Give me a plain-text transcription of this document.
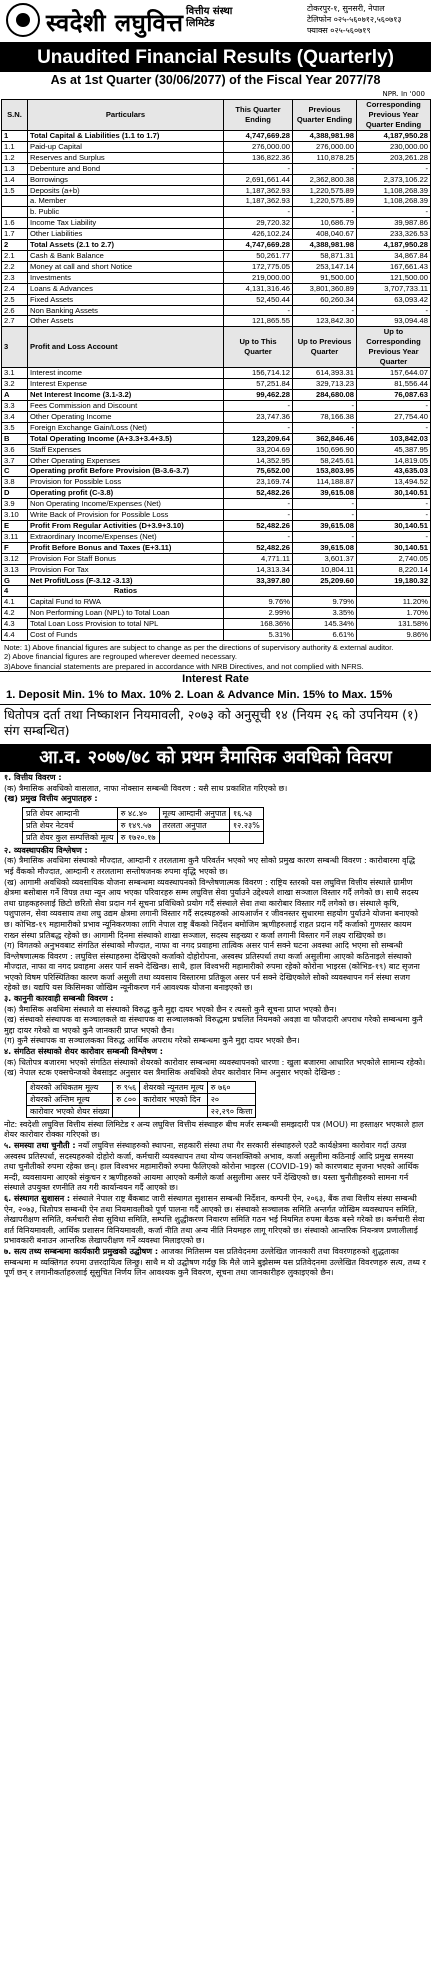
स्वदेशी लघुवित्त वित्तीय संस्था लिमिटेड
टोकरपुर-१, सुनसरी, नेपाल
टेलिफोन ०२५-५६०७१२,५६०७१३
फ्याक्स ०२५-५६०७१९
Unaudited Financial Results (Quarterly)
As at 1st Quarter (30/06/2077) of the Fiscal Year 2077/78
NPR. In '000
S.N.	Particulars	This Quarter Ending	Previous Quarter Ending	Corresponding Previous Year Quarter Ending
1	Total Capital & Liabilities (1.1 to 1.7)	4,747,669.28	4,388,981.98	4,187,950.28
1.1	Paid-up Capital	276,000.00	276,000.00	230,000.00
1.2	Reserves and Surplus	136,822.36	110,878.25	203,261.28
1.3	Debenture and Bond	-	-	-
1.4	Borrowings	2,691,661.44	2,362,800.38	2,373,106.22
1.5	Deposits (a+b)	1,187,362.93	1,220,575.89	1,108,268.39
	a. Member	1,187,362.93	1,220,575.89	1,108,268.39
	b. Public	-	-	-
1.6	Income Tax Liability	29,720.32	10,686.79	39,987.86
1.7	Other Liabilities	426,102.24	408,040.67	233,326.53
2	Total Assets (2.1 to 2.7)	4,747,669.28	4,388,981.98	4,187,950.28
2.1	Cash & Bank Balance	50,261.77	58,871.31	34,867.84
2.2	Money at call and short Notice	172,775.05	253,147.14	167,661.43
2.3	Investments	219,000.00	91,500.00	121,500.00
2.4	Loans & Advances	4,131,316.46	3,801,360.89	3,707,733.11
2.5	Fixed Assets	52,450.44	60,260.34	63,093.42
2.6	Non Banking Assets	-	-	-
2.7	Other Assets	121,865.55	123,842.30	93,094.48
3	Profit and Loss Account	Up to This Quarter	Up to Previous Quarter	Up to Corresponding Previous Year Quarter
3.1	Interest income	156,714.12	614,393.31	157,644.07
3.2	Interest Expense	57,251.84	329,713.23	81,556.44
A	Net Interest Income (3.1-3.2)	99,462.28	284,680.08	76,087.63
3.3	Fees Commission and Discount	-	-	-
3.4	Other Operating Income	23,747.36	78,166.38	27,754.40
3.5	Foreign Exchange Gain/Loss (Net)	-	-	-
B	Total Operating Income (A+3.3+3.4+3.5)	123,209.64	362,846.46	103,842.03
3.6	Staff Expenses	33,204.69	150,696.90	45,387.95
3.7	Other Operating Expenses	14,352.95	58,245.61	14,819.05
C	Operating profit Before Provision (B-3.6-3.7)	75,652.00	153,803.95	43,635.03
3.8	Provision for Possible Loss	23,169.74	114,188.87	13,494.52
D	Operating profit (C-3.8)	52,482.26	39,615.08	30,140.51
3.9	Non Operating Income/Expenses (Net)	-	-	-
3.10	Write Back of Provision for Possible Loss	-	-	-
E	Profit From Regular Activities (D+3.9+3.10)	52,482.26	39,615.08	30,140.51
3.11	Extraordinary Income/Expenses (Net)	-	-	-
F	Profit Before Bonus and Taxes (E+3.11)	52,482.26	39,615.08	30,140.51
3.12	Provision For Staff Bonus	4,771.11	3,601.37	2,740.05
3.13	Provision For Tax	14,313.34	10,804.11	8,220.14
G	Net Profit/Loss (F-3.12 -3.13)	33,397.80	25,209.60	19,180.32
4	Ratios			
4.1	Capital Fund to RWA	9.76%	9.79%	11.20%
4.2	Non Performing Loan (NPL) to Total Loan	2.99%	3.35%	1.70%
4.3	Total Loan Loss Provision to total NPL	168.36%	145.34%	131.58%
4.4	Cost of Funds	5.31%	6.61%	9.86%
Note: 1) Above financial figures are subject to change as per the directions of supervisory authority & external auditor.
2) Above financial figures are regrouped wherever deemed necessary.
3)Above financial statements are prepared in accordance with NRB Directives, and not complied with NFRS.
Interest Rate
1. Deposit Min. 1% to Max. 10% 2. Loan & Advance Min. 15% to Max. 15%
धितोपत्र दर्ता तथा निष्काशन नियमावली, २०७३ को अनुसूची १४ (नियम २६ को उपनियम (१) संग सम्बन्धित)
आ.व. २०७७/७८ को प्रथम त्रैमासिक अवधिको विवरण

१. वित्तीय विवरण :

(क) त्रैमासिक अवधिको वासलात, नाफा नोक्सान सम्बन्धी विवरण : यसै साथ प्रकाशित गरिएको छ।

(ख) प्रमुख वित्तीय अनुपातहरु :

प्रति शेयर आम्दानी	रु ४८.४०	मूल्य आम्दानी अनुपात	१६.५३
प्रति शेयर नेटवर्थ	रु १४९.५७	तरलता अनुपात	१२.२३%
प्रति शेयर कुल सम्पत्तिको मूल्य	रु १७२०.१७		

२. व्यवस्थापकीय विश्लेषण :

(क) त्रैमासिक अवधिमा संस्थाको मौज्दात, आम्दानी र तरलतामा कुनै परिवर्तन भएको भए सोको प्रमुख कारण सम्बन्धी विवरण : कारोबारमा वृद्धि भई वैंकको मौज्दात, आम्दानी र तरलतामा सन्तोषजनक रुपमा वृद्धि भएको छ।

(ख) आगामी अवधिको व्यवसायिक योजना सम्बन्धमा व्यवस्थापनको विश्लेषणात्मक विवरण : राष्ट्रिय स्तरको यस लघुवित्त वित्तीय संस्थाले ग्रामीण क्षेत्रमा बसोबास गर्ने विपन्न तथा न्यून आय भएका परिवारहरु सम्म लघुवित्त सेवा पुर्याउने उद्देश्यले शाखा सञ्जाल विस्तार गर्दै लगेको छ। साथै सदस्य तथा ग्राहकहरुलाई छिटो छरितो सेवा प्रदान गर्न सूचना प्रविधिको प्रयोग गर्दै संस्थाले सेवा तथा कारोबार विस्तार गर्दै लगेको छ। संस्थाले कृषि, पशुपालन, सेवा व्यवसाय तथा लघु उद्यम क्षेत्रमा लगानी विस्तार गर्दै सदस्यहरुको आयआर्जन र जीवनस्तर सुधारमा सहयोग पुर्याउने योजना बनाएको छ। कोभिड-१९ महामारीको प्रभाव न्यूनिकरणका लागि नेपाल राष्ट्र बैंकको निर्देशन बमोजिम ऋणीहरुलाई राहत प्रदान गर्दै कर्जाको गुणस्तर कायम राख्न संस्था प्रतिबद्ध रहेको छ। आगामी दिनमा संस्थाको शाखा सञ्जाल, सदस्य सङ्ख्या र कर्जा लगानी विस्तार गर्ने लक्ष्य राखिएको छ।

(ग) विगतको अनुभवबाट संगठित संस्थाको मौज्दात, नाफा वा नगद प्रवाहमा तात्विक असर पार्न सक्ने घटना अवस्था आदि भएमा सो सम्बन्धी विश्लेषणात्मक विवरण : लघुवित्त संस्थाहरुमा देखिएको कर्जाको दोहोरोपना, अस्वस्थ प्रतिस्पर्धा तथा कर्जा असुलीमा आएको कठिनाइले संस्थाको मौज्दात, नाफा वा नगद प्रवाहमा असर पार्न सक्ने देखिन्छ। साथै, हाल विश्वभरी महामारीको रुपमा रहेको कोरोना भाइरस (कोभिड-१९) बाट सृजना भएको विषम परिस्थितिका कारण कर्जा असुली तथा व्यवसाय विस्तारमा प्रतिकूल असर पर्न सक्ने देखिएकोले सोको व्यवस्थापन गर्न संस्था सजग रहेको छ। यद्यपि यस किसिमका जोखिम न्यूनीकरण गर्न आवश्यक योजना बनाइएको छ।

३. कानुनी कारवाही सम्बन्धी विवरण :

(क) त्रैमासिक अवधिमा संस्थाले वा संस्थाको विरुद्ध कुनै मुद्दा दायर भएको छैन र त्यस्तो कुनै सूचना प्राप्त भएको छैन।

(ख) संस्थाको संस्थापक वा सञ्चालकले वा संस्थापक वा सञ्चालकको विरुद्धमा प्रचलित नियमको अवज्ञा वा फौजदारी अपराध गरेको सम्बन्धमा कुनै मुद्दा दायर गरेको वा भएको कुनै जानकारी प्राप्त भएको छैन।

(ग) कुनै संस्थापक वा सञ्चालकका विरुद्ध आर्थिक अपराध गरेको सम्बन्धमा कुनै मुद्दा दायर भएको छैन।

४. संगठित संस्थाको शेयर कारोवार सम्बन्धी विश्लेषण :

(क) धितोपत्र बजारमा भएको संगठित संस्थाको शेयरको कारोवार सम्बन्धमा व्यवस्थापनको धारणा : खुला बजारमा आधारित भएकोले सामान्य रहेको।

(ख) नेपाल स्टक एक्सचेन्जको वेबसाइट अनुसार यस त्रैमासिक अवधिको शेयर कारोवार निम्न अनुसार भएको देखिन्छ :

शेयरको अधिकतम मूल्य	रु ९५६	शेयरको न्यूनतम मूल्य	रु ७६०
शेयरको अन्तिम मूल्य	रु ८००	कारोवार भएको दिन	२०
कारोवार भएको शेयर संख्या			२२,२९० कित्ता

नोट: स्वदेशी लघुवित्त वित्तीय संस्था लिमिटेड र अन्य लघुवित्त वित्तीय संस्थाहरु बीच मर्जर सम्बन्धी समझदारी पत्र (MOU) मा हस्ताक्षर भएकाले हाल शेयर कारोवार रोक्का गरिएको छ।

५. समस्या तथा चुनौती : नयाँ लघुवित्त संस्थाहरुको स्थापना, सहकारी संस्था तथा गैर सरकारी संस्थाहरुले एउटै कार्यक्षेत्रमा कारोवार गर्दा उत्पन्न अस्वस्थ प्रतिस्पर्धा, सदस्यहरुको दोहोरो कर्जा, कर्मचारी व्यवस्थापन तथा योग्य जनशक्तिको अभाव, कर्जा असुलीमा कठिनाई आदि प्रमुख समस्या तथा चुनौतीको रुपमा रहेका छन्। हाल विश्वभर महामारीको रुपमा फैलिएको कोरोना भाइरस (COVID-19) को कारणबाट सृजना भएको आर्थिक मन्दी, व्यवसायमा आएको संकुचन र ऋणीहरुको आयमा आएको कमीले कर्जा असुलीमा असर पर्ने देखिएको छ। यस्ता चुनौतीहरुको सामना गर्न संस्थाले उपयुक्त रणनीति तय गरी कार्यान्वयन गर्दै आएको छ।

६. संस्थागत सुशासन : संस्थाले नेपाल राष्ट्र बैंकबाट जारी संस्थागत सुशासन सम्बन्धी निर्देशन, कम्पनी ऐन, २०६३, बैंक तथा वित्तीय संस्था सम्बन्धी ऐन, २०७३, धितोपत्र सम्बन्धी ऐन तथा नियमावलीको पूर्ण पालना गर्दै आएको छ। संस्थाको सञ्चालक समिति अन्तर्गत जोखिम व्यवस्थापन समिति, लेखापरीक्षण समिति, कर्मचारी सेवा सुविधा समिति, सम्पत्ति शुद्धीकरण निवारण समिति गठन भई नियमित रुपमा बैठक बस्ने गरेको छ। कर्मचारी सेवा शर्त विनियमावली, आर्थिक प्रशासन विनियमावली, कर्जा नीति तथा अन्य नीति नियमहरु लागू गरिएको छ। संस्थाको आन्तरिक नियन्त्रण प्रणालीलाई प्रभावकारी बनाउन आन्तरिक लेखापरीक्षण गर्ने व्यवस्था मिलाइएको छ।

७. सत्य तथ्य सम्बन्धमा कार्यकारी प्रमुखको उद्घोषण : आजका मितिसम्म यस प्रतिवेदनमा उल्लेखित जानकारी तथा विवरणहरुको शुद्धताका सम्बन्धमा म व्यक्तिगत रुपमा उत्तरदायित्व लिन्छु। साथै म यो उद्घोषण गर्दछु कि मैले जाने बुझेसम्म यस प्रतिवेदनमा उल्लेखित विवरणहरु सत्य, तथ्य र पूर्ण छन् र लगानीकर्ताहरुलाई सूसुचित निर्णय लिन आवश्यक कुनै विवरण, सूचना तथा जानकारीहरु लुकाइएको छैन।
